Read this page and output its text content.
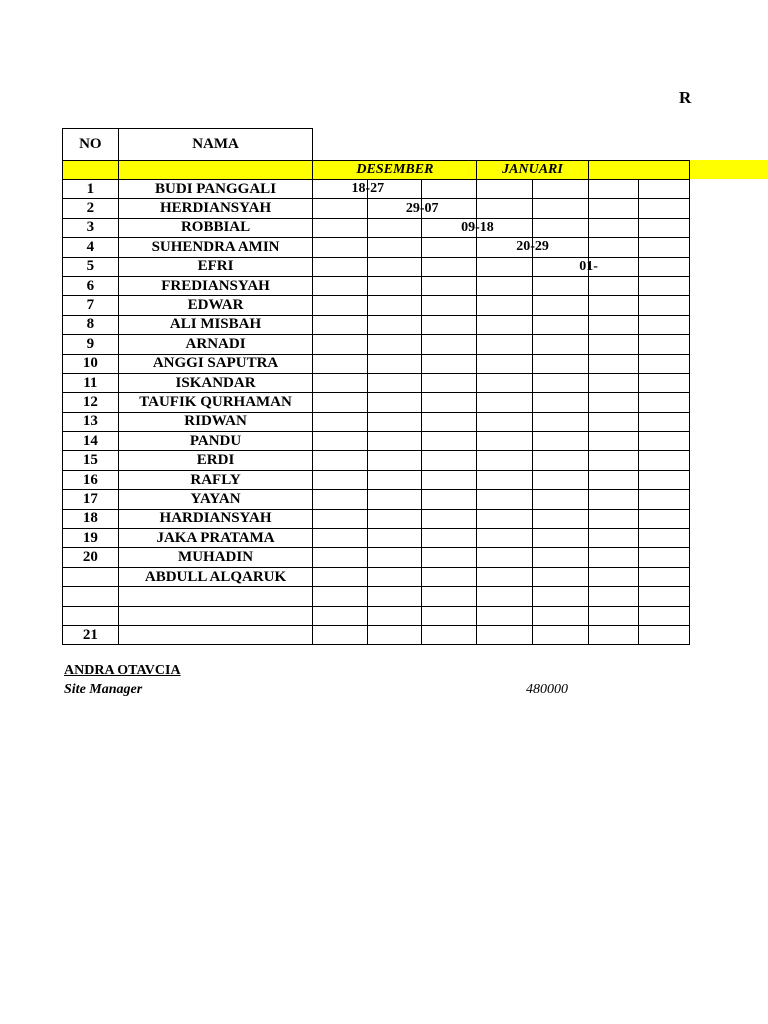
R
NO	NAMA							
		DESEMBER			JANUARI			
1	BUDI PANGGALI		18-27					

2	HERDIANSYAH			29-07				

3	ROBBIAL				09-18			

4	SUHENDRA AMIN					20-29		

5	EFRI						01-	

6	FREDIANSYAH							
7	EDWAR							
8	ALI MISBAH							
9	ARNADI							
10	ANGGI SAPUTRA							
11	ISKANDAR							
12	TAUFIK QURHAMAN							
13	RIDWAN							
14	PANDU							
15	ERDI							
16	RAFLY							
17	YAYAN							
18	HARDIANSYAH							
19	JAKA PRATAMA							
20	MUHADIN							
	ABDULL ALQARUK							

21								
ANDRA OTAVCIA
Site Manager	480000
